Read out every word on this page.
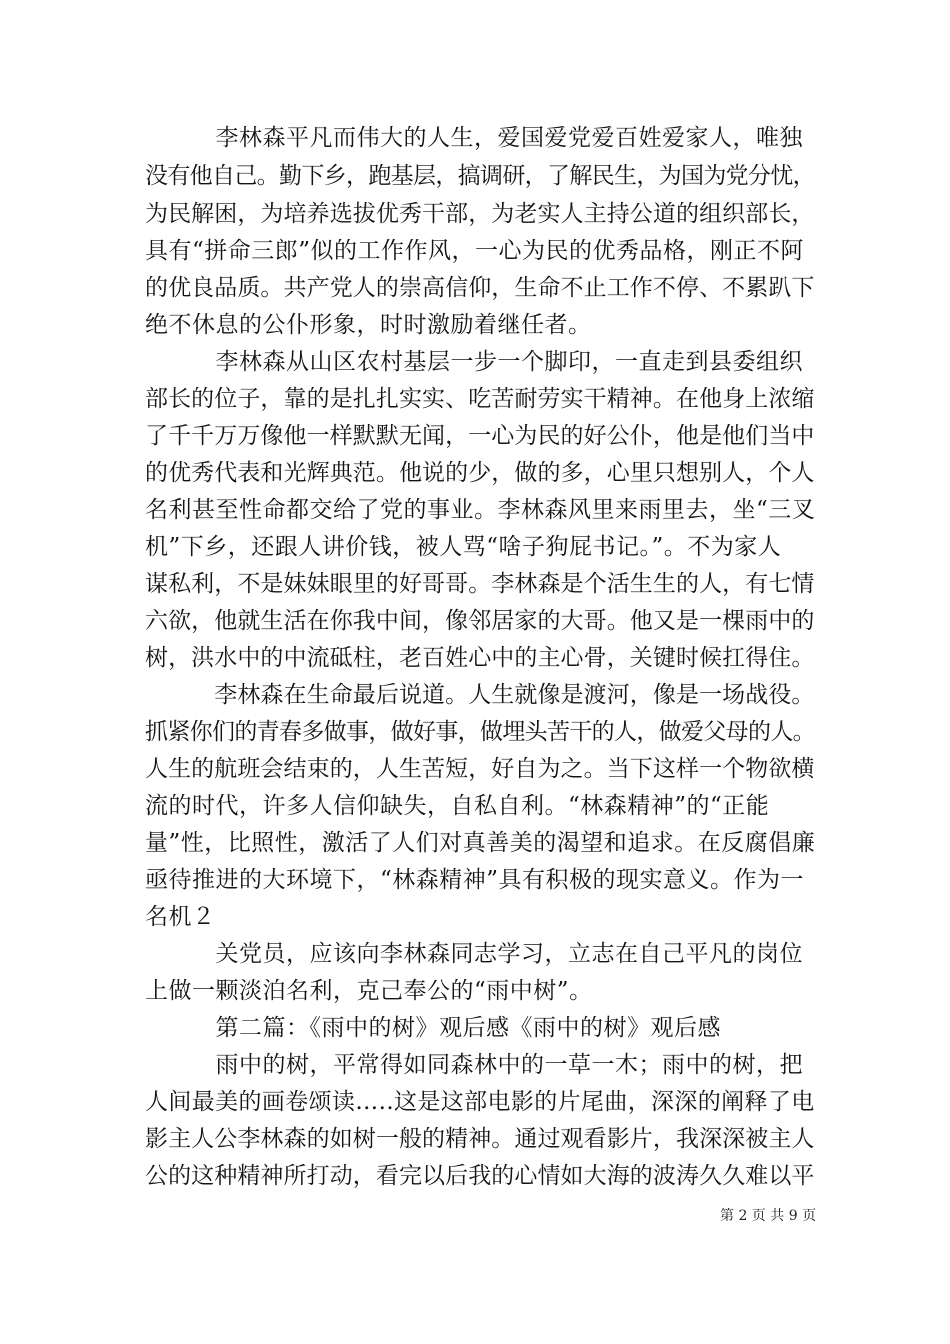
　　　李林森平凡而伟大的人生，爱国爱党爱百姓爱家人，唯独
没有他自己。勤下乡，跑基层，搞调研，了解民生，为国为党分忧，
为民解困，为培养选拔优秀干部，为老实人主持公道的组织部长，
具有“拼命三郎”似的工作作风，一心为民的优秀品格，刚正不阿
的优良品质。共产党人的崇高信仰，生命不止工作不停、不累趴下
绝不休息的公仆形象，时时激励着继任者。
　　　李林森从山区农村基层一步一个脚印，一直走到县委组织
部长的位子，靠的是扎扎实实、吃苦耐劳实干精神。在他身上浓缩
了千千万万像他一样默默无闻，一心为民的好公仆，他是他们当中
的优秀代表和光辉典范。他说的少，做的多，心里只想别人，个人
名利甚至性命都交给了党的事业。李林森风里来雨里去，坐“三叉
机”下乡，还跟人讲价钱，被人骂“啥子狗屁书记。”。不为家人
谋私利，不是妹妹眼里的好哥哥。李林森是个活生生的人，有七情
六欲，他就生活在你我中间，像邻居家的大哥。他又是一棵雨中的
树，洪水中的中流砥柱，老百姓心中的主心骨，关键时候扛得住。
　　　李林森在生命最后说道。人生就像是渡河，像是一场战役。
抓紧你们的青春多做事，做好事，做埋头苦干的人，做爱父母的人。
人生的航班会结束的，人生苦短，好自为之。当下这样一个物欲横
流的时代，许多人信仰缺失，自私自利。“林森精神”的“正能
量”性，比照性，激活了人们对真善美的渴望和追求。在反腐倡廉
亟待推进的大环境下，“林森精神”具有积极的现实意义。作为一
名机２
　　　关党员，应该向李林森同志学习，立志在自己平凡的岗位
上做一颗淡泊名利，克己奉公的“雨中树”。
　　　第二篇：《雨中的树》观后感《雨中的树》观后感
　　　雨中的树，平常得如同森林中的一草一木；雨中的树，把
人间最美的画卷颂读…..这是这部电影的片尾曲，深深的阐释了电
影主人公李林森的如树一般的精神。通过观看影片，我深深被主人
公的这种精神所打动，看完以后我的心情如大海的波涛久久难以平
第 2 页 共 9 页
